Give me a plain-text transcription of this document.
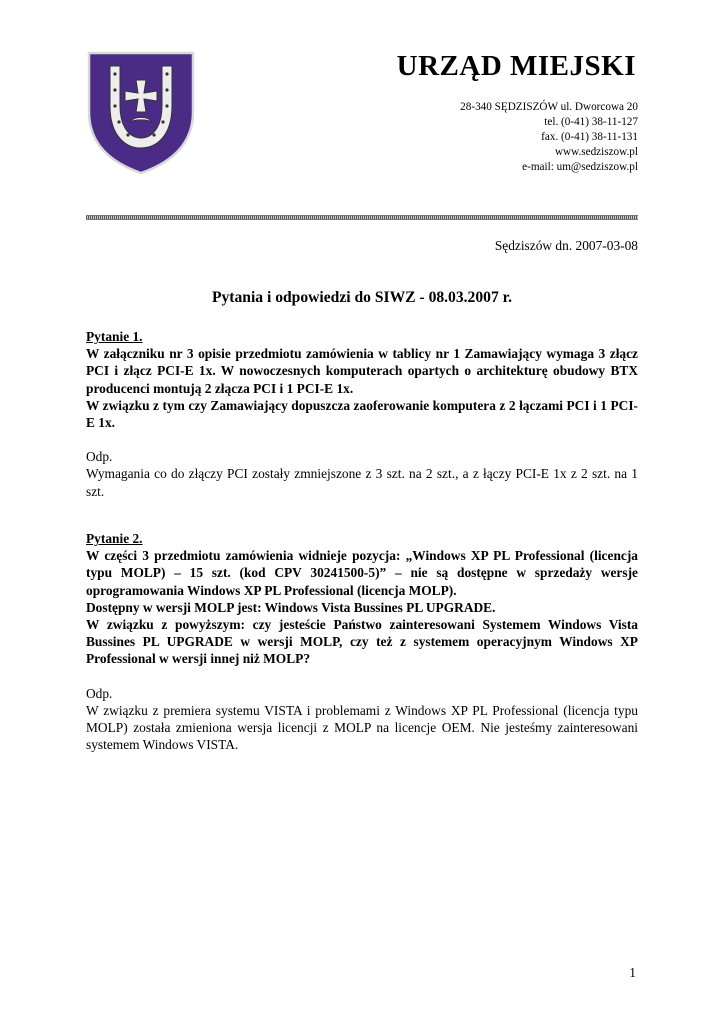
URZĄD MIEJSKI
28-340 SĘDZISZÓW ul. Dworcowa 20
tel. (0-41) 38-11-127
fax. (0-41) 38-11-131
www.sedziszow.pl
e-mail: um@sedziszow.pl
Sędziszów dn. 2007-03-08
Pytania i odpowiedzi do SIWZ - 08.03.2007 r.

Pytanie 1.

W załączniku nr 3 opisie przedmiotu zamówienia w tablicy nr 1 Zamawiający wymaga 3 złącz PCI i złącz PCI-E 1x. W nowoczesnych komputerach opartych o architekturę obudowy BTX producenci montują 2 złącza PCI i 1 PCI-E 1x.

W związku z tym czy Zamawiający dopuszcza zaoferowanie komputera z 2 łączami PCI i 1 PCI-E 1x.

Odp.

Wymagania co do złączy PCI zostały zmniejszone z 3 szt. na 2 szt., a z łączy PCI-E 1x z 2 szt. na 1 szt.

Pytanie 2.

W części 3 przedmiotu zamówienia widnieje pozycja: „Windows XP PL Professional (licencja typu MOLP) – 15 szt. (kod CPV 30241500-5)” – nie są dostępne w sprzedaży wersje oprogramowania Windows XP PL Professional (licencja MOLP).

Dostępny w wersji MOLP jest: Windows Vista Bussines PL UPGRADE.

W związku z powyższym: czy jesteście Państwo zainteresowani Systemem Windows Vista Bussines PL UPGRADE w wersji MOLP, czy też z systemem operacyjnym Windows XP Professional w wersji innej niż MOLP?

Odp.

W związku z premiera systemu VISTA i problemami z Windows XP PL Professional (licencja typu MOLP) została zmieniona wersja licencji z MOLP na licencje OEM. Nie jesteśmy zainteresowani systemem Windows VISTA.

1
